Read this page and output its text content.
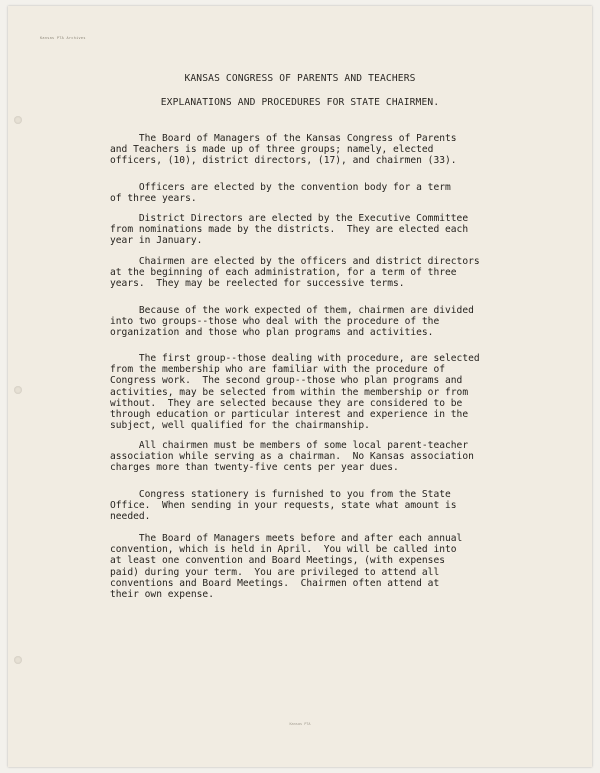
Kansas PTA Archives
KANSAS CONGRESS OF PARENTS AND TEACHERS
EXPLANATIONS AND PROCEDURES FOR STATE CHAIRMEN.

The Board of Managers of the Kansas Congress of Parents
and Teachers is made up of three groups; namely, elected
officers, (10), district directors, (17), and chairmen (33).

Officers are elected by the convention body for a term
of three years.

District Directors are elected by the Executive Committee
from nominations made by the districts.  They are elected each
year in January.

Chairmen are elected by the officers and district directors
at the beginning of each administration, for a term of three
years.  They may be reelected for successive terms.

Because of the work expected of them, chairmen are divided
into two groups--those who deal with the procedure of the
organization and those who plan programs and activities.

The first group--those dealing with procedure, are selected
from the membership who are familiar with the procedure of
Congress work.  The second group--those who plan programs and
activities, may be selected from within the membership or from
without.  They are selected because they are considered to be
through education or particular interest and experience in the
subject, well qualified for the chairmanship.

All chairmen must be members of some local parent-teacher
association while serving as a chairman.  No Kansas association
charges more than twenty-five cents per year dues.

Congress stationery is furnished to you from the State
Office.  When sending in your requests, state what amount is
needed.

The Board of Managers meets before and after each annual
convention, which is held in April.  You will be called into
at least one convention and Board Meetings, (with expenses
paid) during your term.  You are privileged to attend all
conventions and Board Meetings.  Chairmen often attend at
their own expense.

Kansas PTA
